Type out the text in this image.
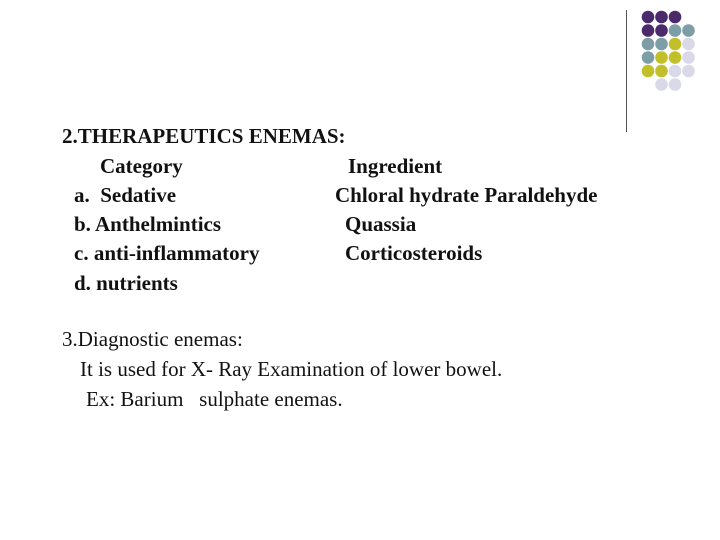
2.THERAPEUTICS ENEMAS:
Category	Ingredient
a.  Sedative	Chloral hydrate Paraldehyde
b. Anthelmintics	Quassia
c. anti-inflammatory	Corticosteroids
d. nutrients
3.Diagnostic enemas:
It is used for X- Ray Examination of lower bowel.
Ex: Barium   sulphate enemas.
